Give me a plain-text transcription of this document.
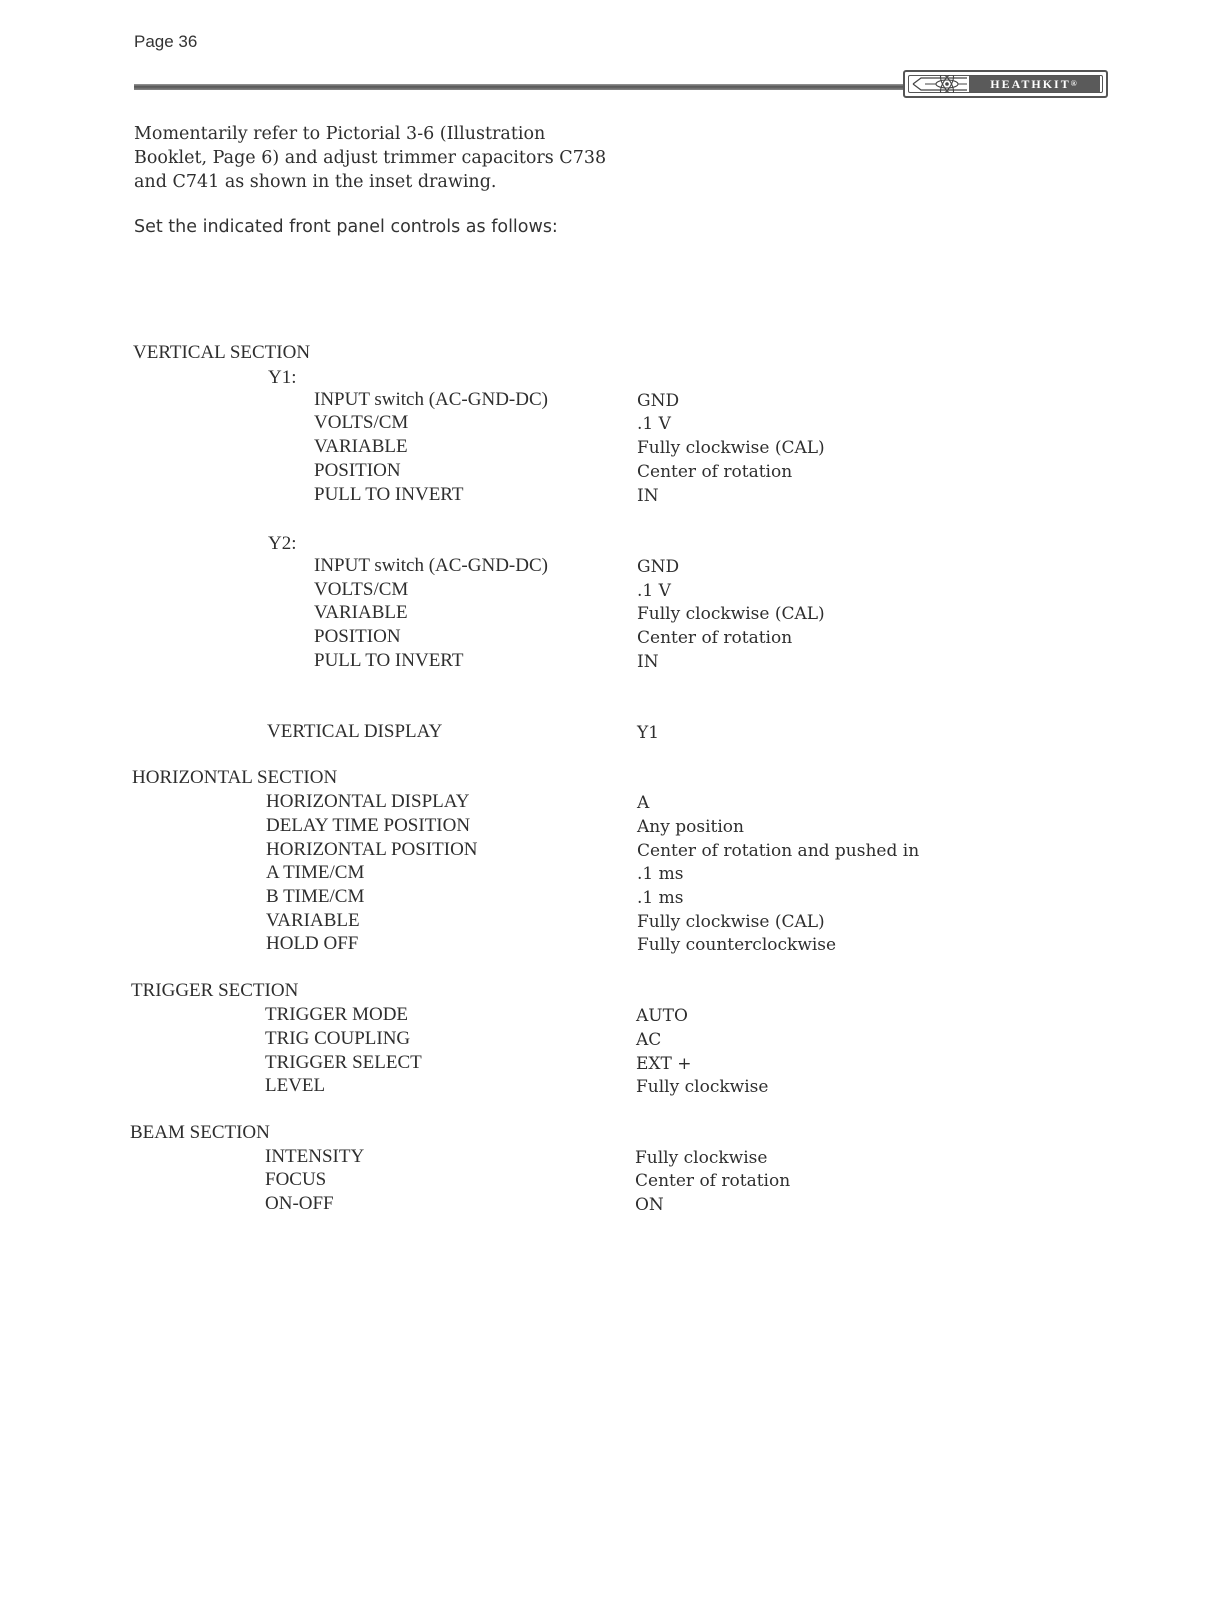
Page 36
HEATHKIT®

Momentarily refer to Pictorial 3-6 (Illustration Booklet, Page 6) and adjust trimmer capacitors C738 and C741 as shown in the inset drawing.

Set the indicated front panel controls as follows:

VERTICAL SECTION
Y1:
INPUT switch (AC-GND-DC)	GND
VOLTS/CM	.1 V
VARIABLE	Fully clockwise (CAL)
POSITION	Center of rotation
PULL TO INVERT	IN
Y2:
INPUT switch (AC-GND-DC)	GND
VOLTS/CM	.1 V
VARIABLE	Fully clockwise (CAL)
POSITION	Center of rotation
PULL TO INVERT	IN
VERTICAL DISPLAY	Y1
HORIZONTAL SECTION
HORIZONTAL DISPLAY	A
DELAY TIME POSITION	Any position
HORIZONTAL POSITION	Center of rotation and pushed in
A TIME/CM	.1 ms
B TIME/CM	.1 ms
VARIABLE	Fully clockwise (CAL)
HOLD OFF	Fully counterclockwise
TRIGGER SECTION
TRIGGER MODE	AUTO
TRIG COUPLING	AC
TRIGGER SELECT	EXT +
LEVEL	Fully clockwise
BEAM SECTION
INTENSITY	Fully clockwise
FOCUS	Center of rotation
ON-OFF	ON
